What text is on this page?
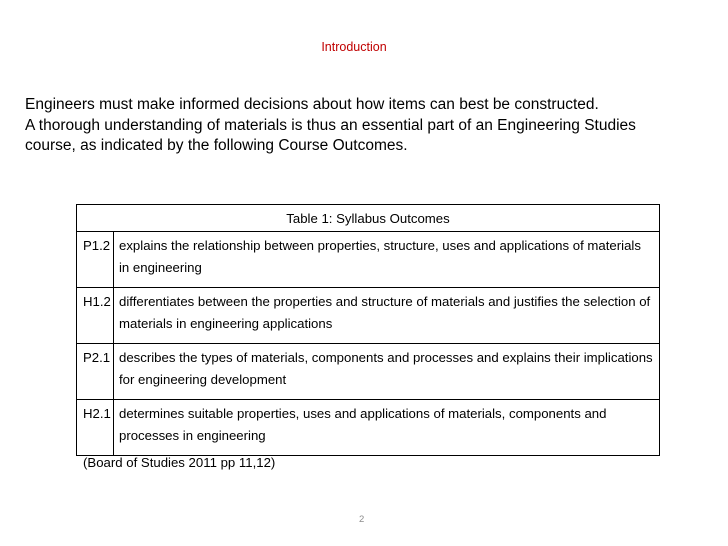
Introduction

Engineers must make informed decisions about how items can best be constructed.

A thorough understanding of materials is thus an essential part of an Engineering Studies

course, as indicated by the following Course Outcomes.

Table 1: Syllabus Outcomes	
P1.2	explains the relationship between properties, structure, uses and applications of materials in engineering
H1.2	differentiates between the properties and structure of materials and justifies the selection of materials in engineering applications
P2.1	describes the types of materials, components and processes and explains their implications for engineering development
H2.1	determines suitable properties, uses and applications of materials, components and processes in engineering
(Board of Studies 2011 pp 11,12)
2
